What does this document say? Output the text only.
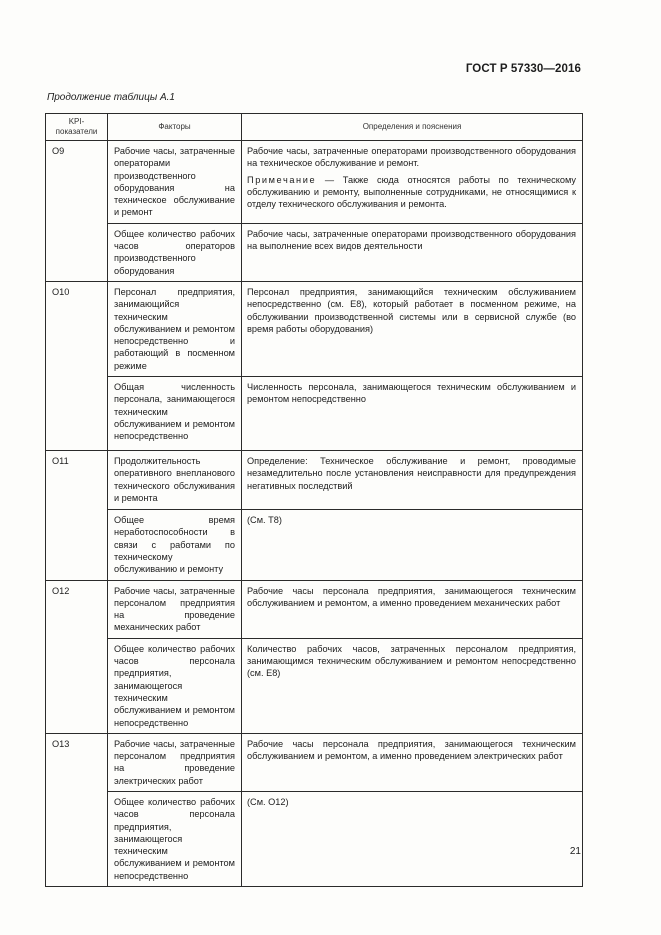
ГОСТ Р 57330—2016
Продолжение таблицы А.1
KPI-
показатели	Факторы	Определения и пояснения
О9	Рабочие часы, затраченные операторами производственного оборудования на техническое обслуживание и ремонт	Рабочие часы, затраченные операторами производственного оборудования на техническое обслуживание и ремонт.
Примечание — Также сюда относятся работы по техническому обслуживанию и ремонту, выполненные сотрудниками, не относящимися к отделу технического обслуживания и ремонта.

	Общее количество рабочих часов операторов производственного оборудования	Рабочие часы, затраченные операторами производственного оборудования на выполнение всех видов деятельности
О10	Персонал предприятия, занимающийся техническим обслуживанием и ремонтом непосредственно и работающий в посменном режиме	Персонал предприятия, занимающийся техническим обслуживанием непосредственно (см. Е8), который работает в посменном режиме, на обслуживании производственной системы или в сервисной службе (во время работы оборудования)
	Общая численность персонала, занимающегося техническим обслуживанием и ремонтом непосредственно	Численность персонала, занимающегося техническим обслуживанием и ремонтом непосредственно
О11	Продолжительность оперативного внепланового технического обслуживания и ремонта	Определение: Техническое обслуживание и ремонт, проводимые незамедлительно после установления неисправности для предупреждения негативных последствий
	Общее время неработоспособности в связи с работами по техническому обслуживанию и ремонту	(См. Т8)
О12	Рабочие часы, затраченные персоналом предприятия на проведение механических работ	Рабочие часы персонала предприятия, занимающегося техническим обслуживанием и ремонтом, а именно проведением механических работ
	Общее количество рабочих часов персонала предприятия, занимающегося техническим обслуживанием и ремонтом непосредственно	Количество рабочих часов, затраченных персоналом предприятия, занимающимся техническим обслуживанием и ремонтом непосредственно (см. Е8)
О13	Рабочие часы, затраченные персоналом предприятия на проведение электрических работ	Рабочие часы персонала предприятия, занимающегося техническим обслуживанием и ремонтом, а именно проведением электрических работ
	Общее количество рабочих часов персонала предприятия, занимающегося техническим обслуживанием и ремонтом непосредственно	(См. О12)
21
